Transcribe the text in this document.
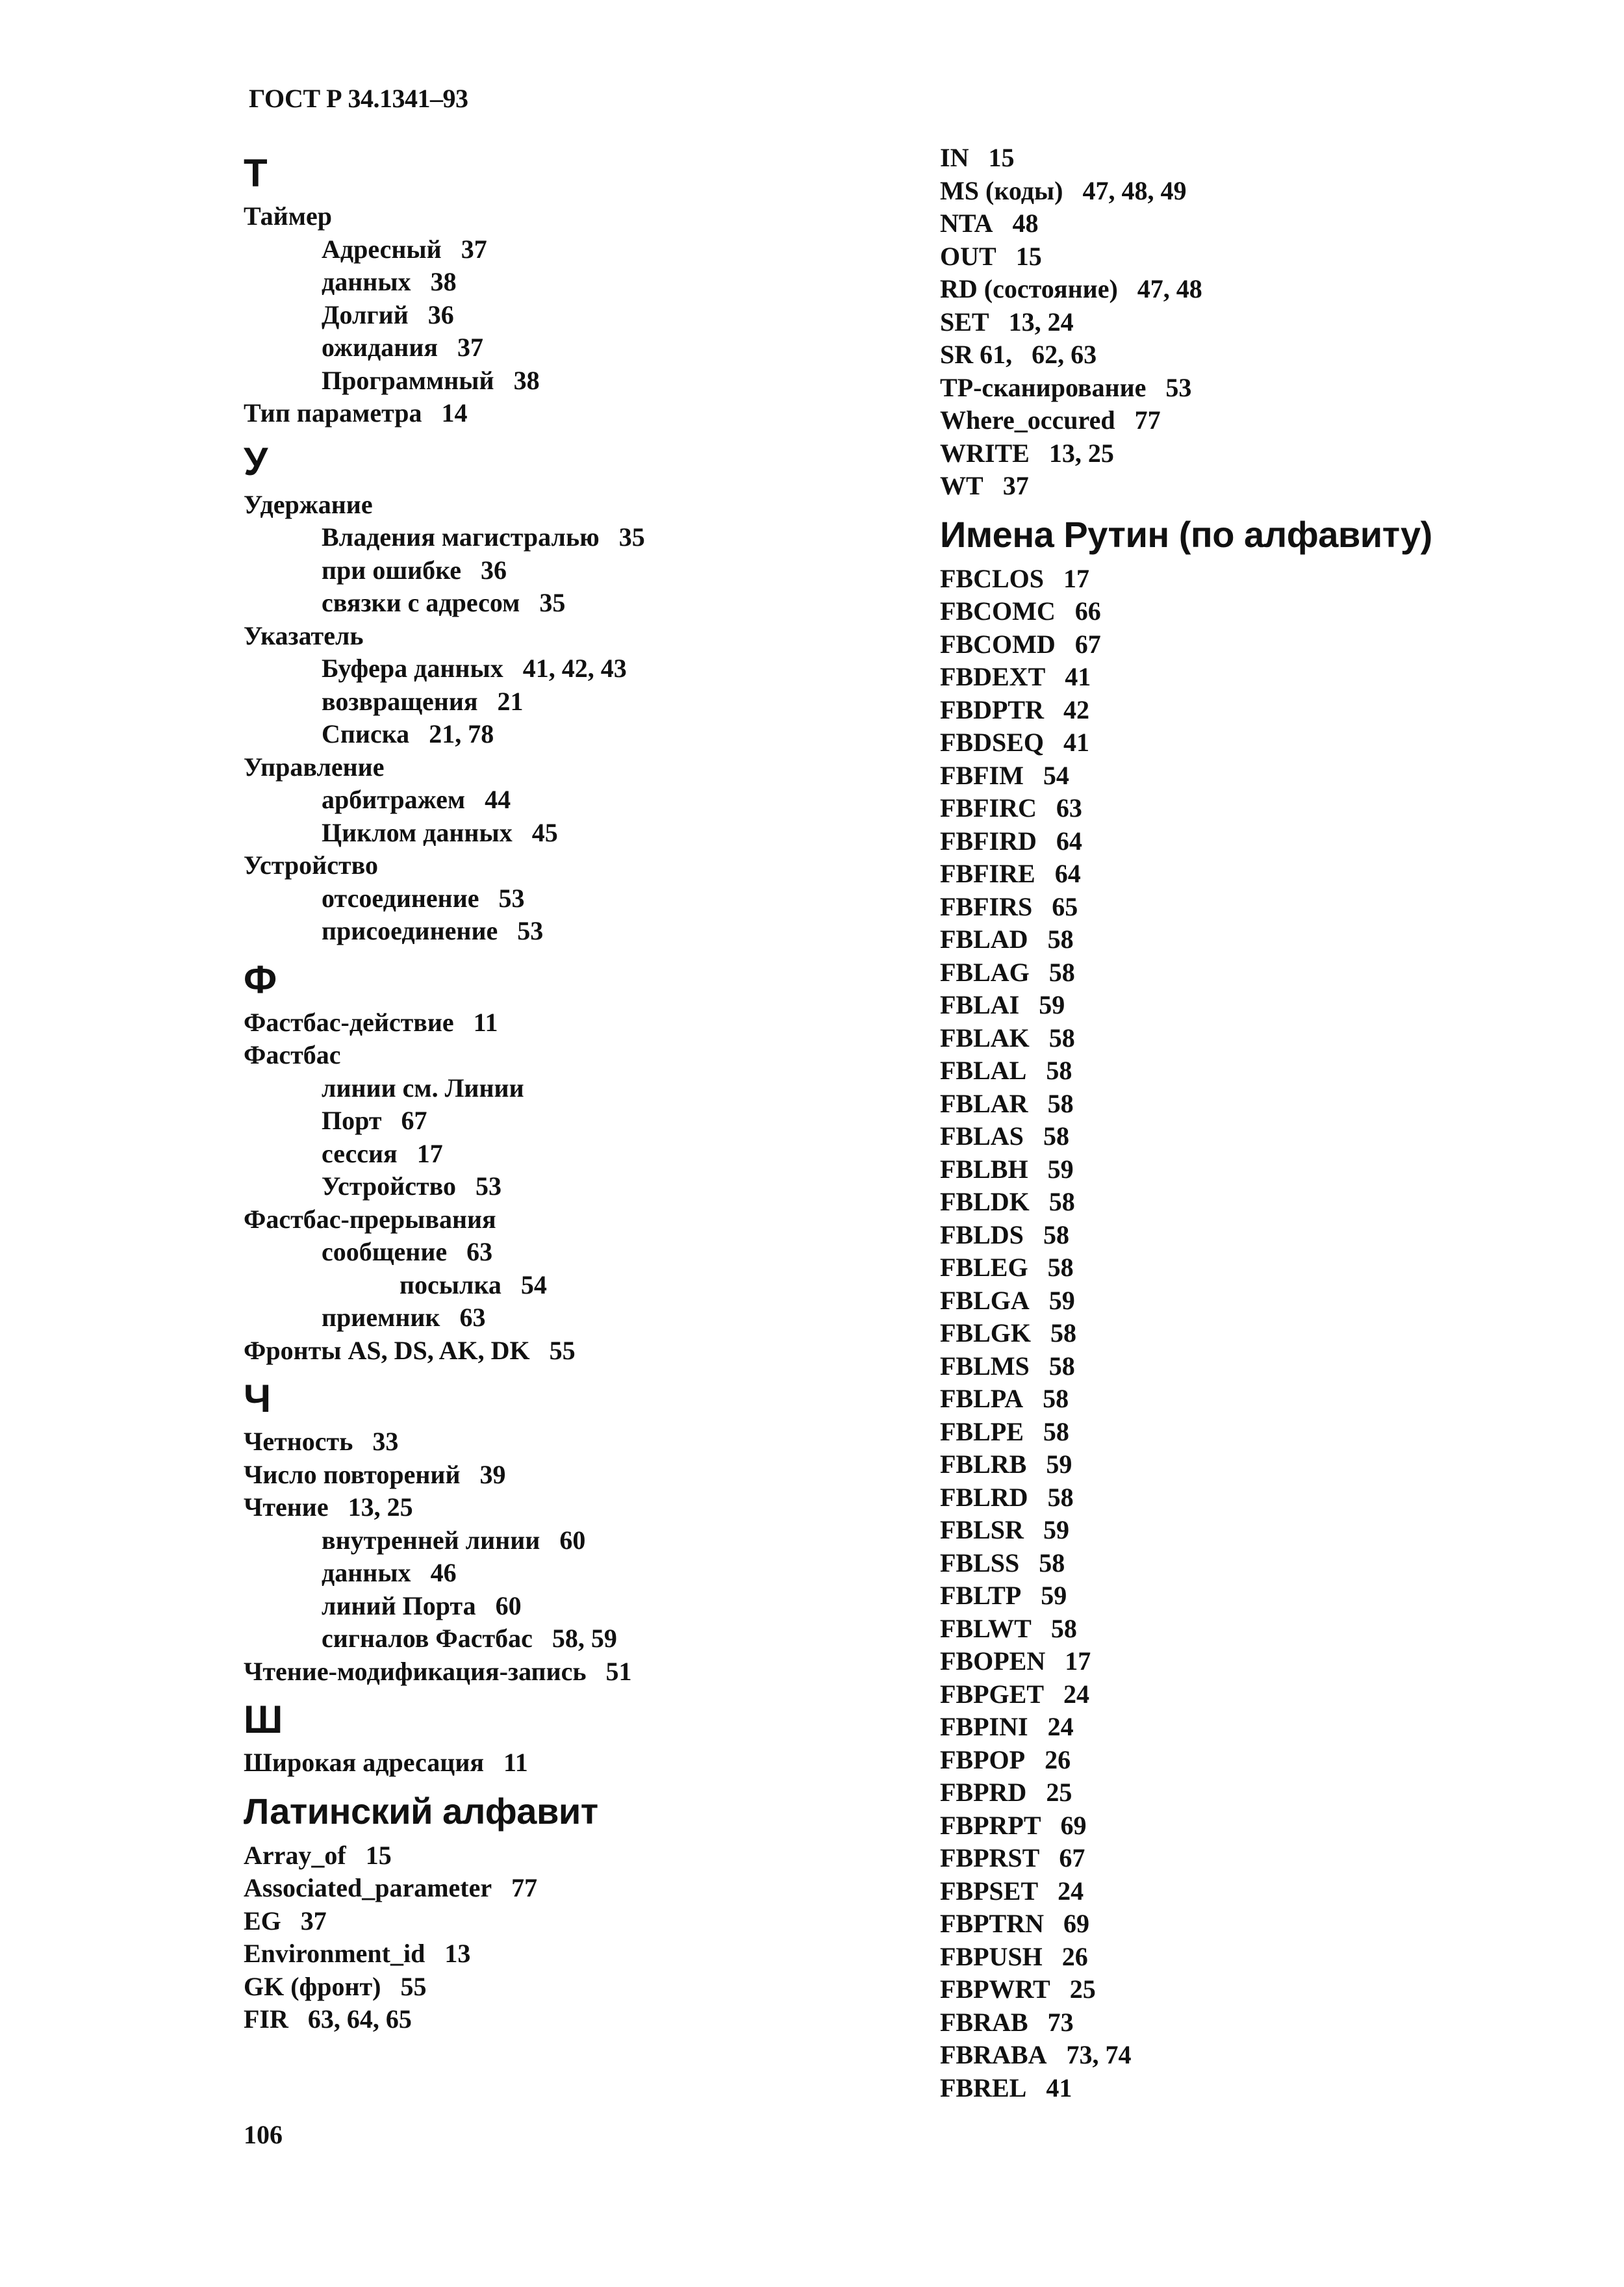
ГОСТ Р 34.1341–93
Т
Таймер
Адресный 37
данных 38
Долгий 36
ожидания 37
Программный 38
Тип параметра 14
У
Удержание
Владения магистралью 35
при ошибке 36
связки с адресом 35
Указатель
Буфера данных 41, 42, 43
возвращения 21
Списка 21, 78
Управление
арбитражем 44
Циклом данных 45
Устройство
отсоединение 53
присоединение 53
Ф
Фастбас-действие 11
Фастбас
линии см. Линии
Порт 67
сессия 17
Устройство 53
Фастбас-прерывания
сообщение 63
посылка 54
приемник 63
Фронты AS, DS, AK, DK 55
Ч
Четность 33
Число повторений 39
Чтение 13, 25
внутренней линии 60
данных 46
линий Порта 60
сигналов Фастбас 58, 59
Чтение-модификация-запись 51
Ш
Широкая адресация 11
Латинский алфавит
Array_of 15
Associated_parameter 77
EG 37
Environment_id 13
GK (фронт) 55
FIR 63, 64, 65
IN 15
MS (коды) 47, 48, 49
NTA 48
OUT 15
RD (состояние) 47, 48
SET 13, 24
SR 61, 62, 63
TP-сканирование 53
Where_occured 77
WRITE 13, 25
WT 37
Имена Рутин (по алфавиту)
FBCLOS 17
FBCOMC 66
FBCOMD 67
FBDEXT 41
FBDPTR 42
FBDSEQ 41
FBFIM 54
FBFIRC 63
FBFIRD 64
FBFIRE 64
FBFIRS 65
FBLAD 58
FBLAG 58
FBLAI 59
FBLAK 58
FBLAL 58
FBLAR 58
FBLAS 58
FBLBH 59
FBLDK 58
FBLDS 58
FBLEG 58
FBLGA 59
FBLGK 58
FBLMS 58
FBLPA 58
FBLPE 58
FBLRB 59
FBLRD 58
FBLSR 59
FBLSS 58
FBLTP 59
FBLWT 58
FBOPEN 17
FBPGET 24
FBPINI 24
FBPOP 26
FBPRD 25
FBPRPT 69
FBPRST 67
FBPSET 24
FBPTRN 69
FBPUSH 26
FBPWRT 25
FBRAB 73
FBRABA 73, 74
FBREL 41
106
